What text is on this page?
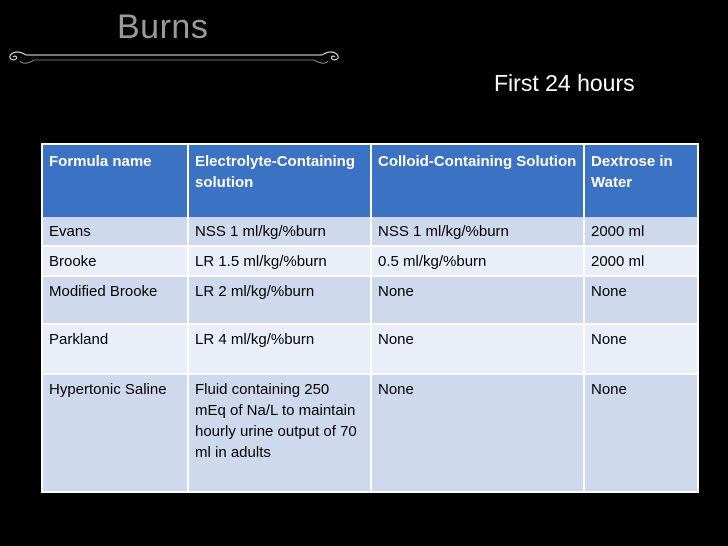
Burns
First 24 hours
Formula name	Electrolyte-Containing solution	Colloid-Containing Solution	Dextrose in Water
Evans	NSS 1 ml/kg/%burn	NSS 1 ml/kg/%burn	2000 ml
Brooke	LR 1.5 ml/kg/%burn	0.5 ml/kg/%burn	2000 ml
Modified Brooke	LR 2 ml/kg/%burn	None	None
Parkland	LR 4 ml/kg/%burn	None	None
Hypertonic Saline	Fluid containing 250 mEq of Na/L to maintain hourly urine output of 70 ml in adults	None	None
